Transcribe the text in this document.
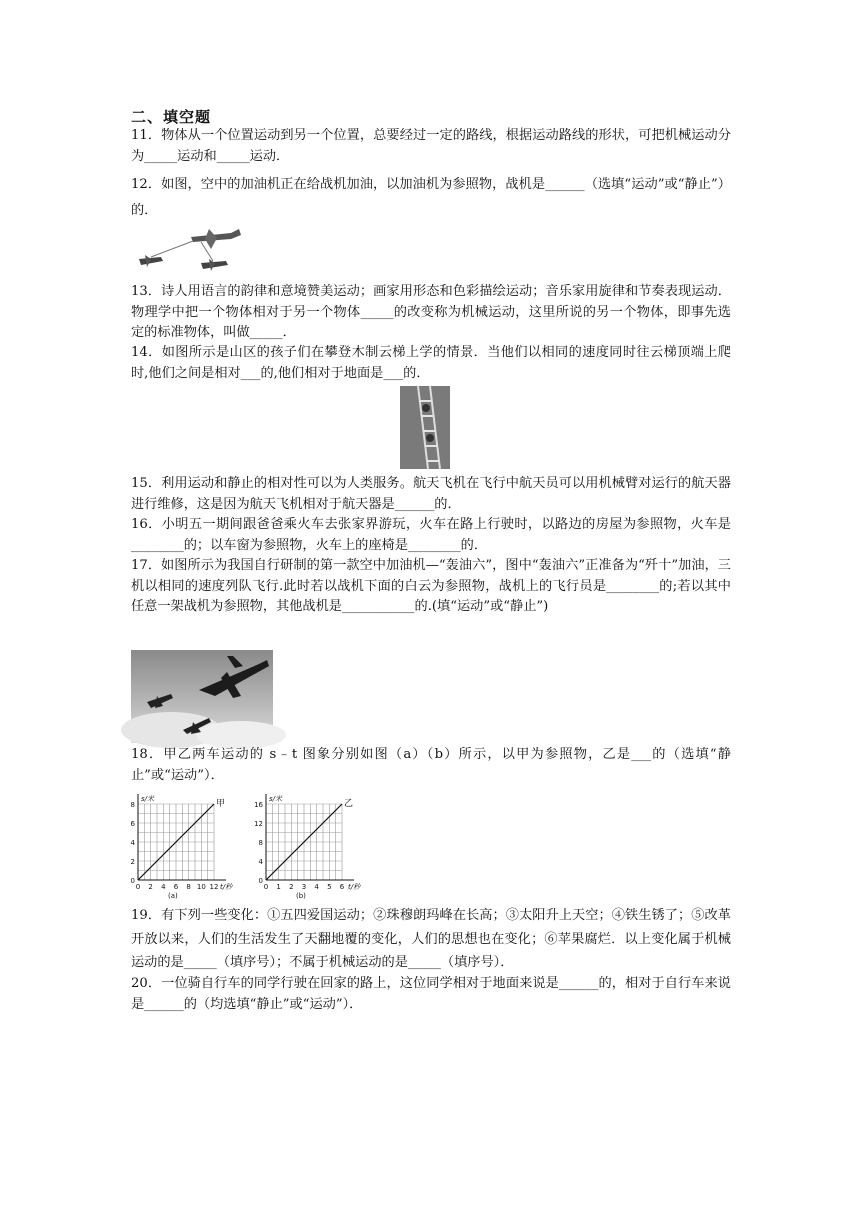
二、填空题
11．物体从一个位置运动到另一个位置，总要经过一定的路线，根据运动路线的形状，可把机械运动分为_____运动和_____运动．
12．如图，空中的加油机正在给战机加油，以加油机为参照物，战机是______（选填“运动”或“静止”）的．
13．诗人用语言的韵律和意境赞美运动；画家用形态和色彩描绘运动；音乐家用旋律和节奏表现运动．物理学中把一个物体相对于另一个物体_____的改变称为机械运动，这里所说的另一个物体，即事先选定的标准物体，叫做_____．
14．如图所示是山区的孩子们在攀登木制云梯上学的情景．当他们以相同的速度同时往云梯顶端上爬时,他们之间是相对___的,他们相对于地面是___的．
15．利用运动和静止的相对性可以为人类服务。航天飞机在飞行中航天员可以用机械臂对运行的航天器进行维修，这是因为航天飞机相对于航天器是______的．
16．小明五一期间跟爸爸乘火车去张家界游玩，火车在路上行驶时，以路边的房屋为参照物，火车是________的；以车窗为参照物，火车上的座椅是________的．
17．如图所示为我国自行研制的第一款空中加油机—“轰油六”，图中“轰油六”正准备为“歼十”加油，三机以相同的速度列队飞行.此时若以战机下面的白云为参照物，战机上的飞行员是________的;若以其中任意一架战机为参照物，其他战机是___________的.(填“运动”或“静止”)
18．甲乙两车运动的 s﹣t 图象分别如图（a）（b）所示，以甲为参照物，乙是___的（选填“静止”或“运动”）．
0
2
4
6
8
0 2 4 6 8 10 12
s/米
t/秒
甲
(a)
0
4
8
12
16
0 1 2 3 4 5 6
s/米
t/秒
乙
(b)
19．有下列一些变化：①五四爱国运动；②珠穆朗玛峰在长高；③太阳升上天空；④铁生锈了；⑤改革开放以来，人们的生活发生了天翻地覆的变化，人们的思想也在变化；⑥苹果腐烂．以上变化属于机械运动的是_____（填序号）；不属于机械运动的是_____（填序号）．
20．一位骑自行车的同学行驶在回家的路上，这位同学相对于地面来说是______的，相对于自行车来说是______的（均选填“静止”或“运动”）．
